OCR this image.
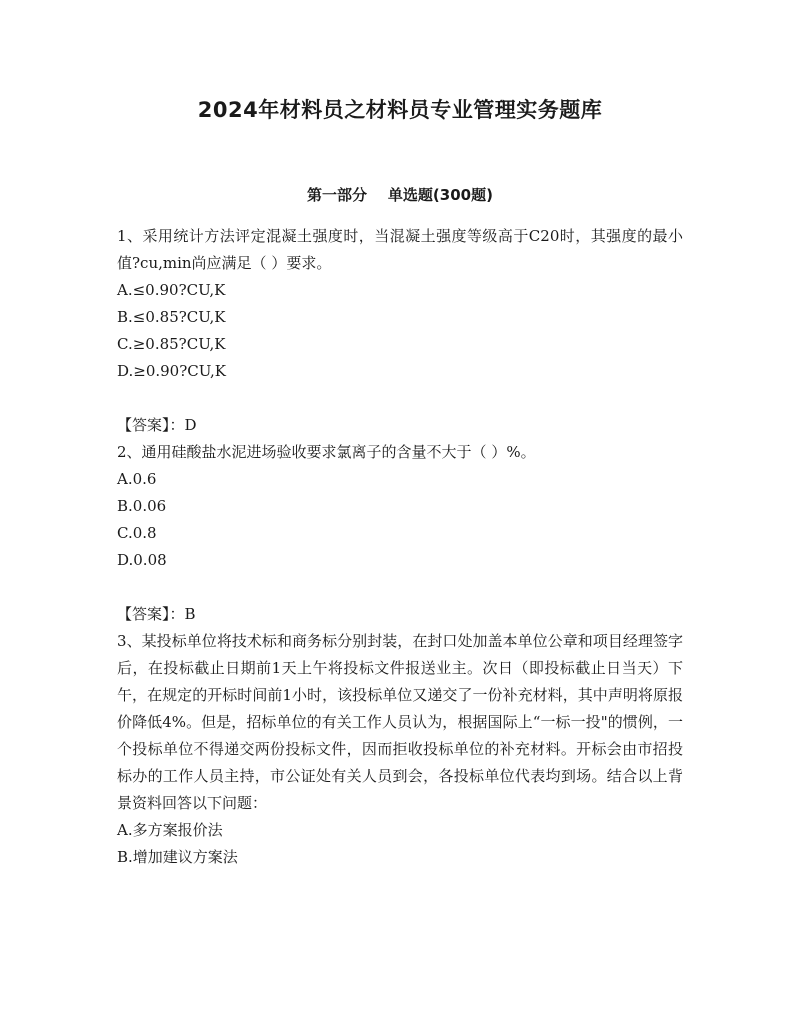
2024年材料员之材料员专业管理实务题库
第一部分    单选题(300题)

1、采用统计方法评定混凝土强度时，当混凝土强度等级高于C20时，其强度的最小值?cu,min尚应满足（ ）要求。

A.≤0.90?CU,K

B.≤0.85?CU,K

C.≥0.85?CU,K

D.≥0.90?CU,K

【答案】：D

2、通用硅酸盐水泥进场验收要求氯离子的含量不大于（ ）%。

A.0.6

B.0.06

C.0.8

D.0.08

【答案】：B

3、某投标单位将技术标和商务标分别封装，在封口处加盖本单位公章和项目经理签字后，在投标截止日期前1天上午将投标文件报送业主。次日（即投标截止日当天）下午，在规定的开标时间前1小时，该投标单位又递交了一份补充材料，其中声明将原报价降低4%。但是，招标单位的有关工作人员认为，根据国际上“一标一投"的惯例，一个投标单位不得递交两份投标文件，因而拒收投标单位的补充材料。开标会由市招投标办的工作人员主持，市公证处有关人员到会，各投标单位代表均到场。结合以上背景资料回答以下问题：

A.多方案报价法

B.增加建议方案法
